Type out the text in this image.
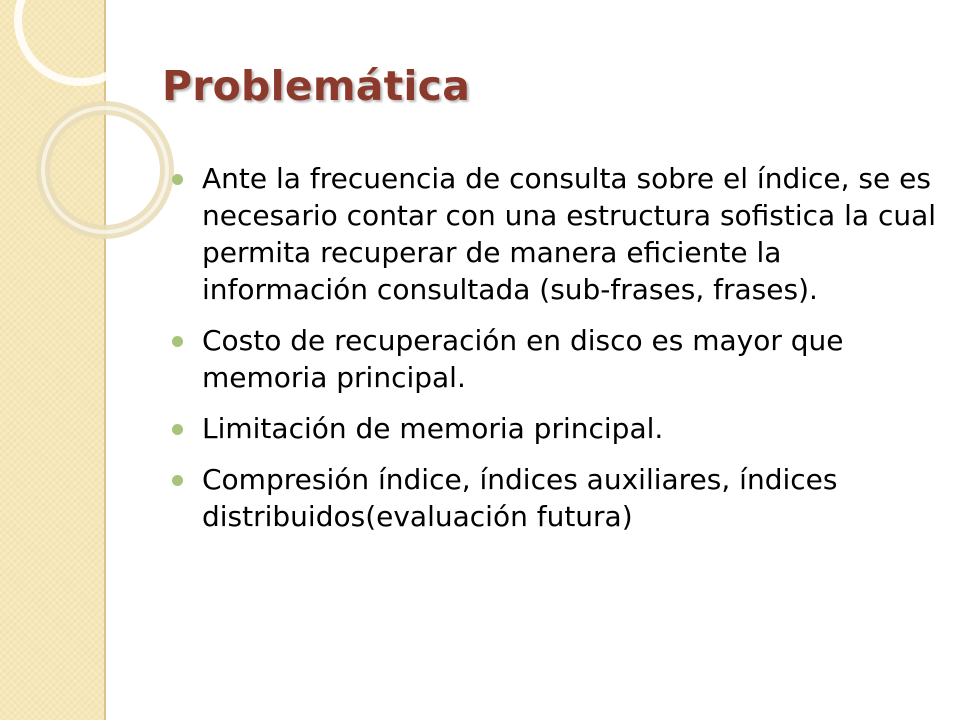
Problemática
Ante la frecuencia de consulta sobre el índice, se es necesario contar con una estructura sofistica la cual permita recuperar de manera eficiente la información consultada (sub-frases, frases).
Costo de recuperación en disco es mayor que memoria principal.
Limitación de memoria principal.
Compresión índice, índices auxiliares, índices distribuidos(evaluación futura)
